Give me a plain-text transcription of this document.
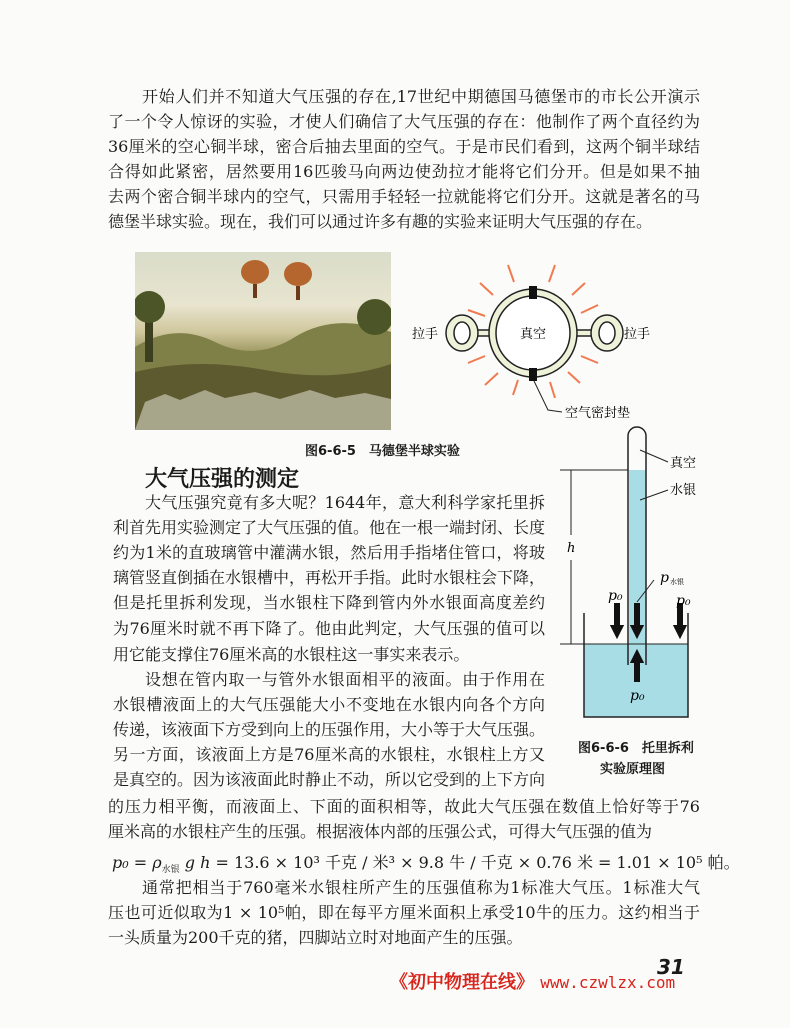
开始人们并不知道大气压强的存在,17世纪中期德国马德堡市的市长公开演示
了一个令人惊讶的实验，才使人们确信了大气压强的存在：他制作了两个直径约为
36厘米的空心铜半球，密合后抽去里面的空气。于是市民们看到，这两个铜半球结
合得如此紧密，居然要用16匹骏马向两边使劲拉才能将它们分开。但是如果不抽
去两个密合铜半球内的空气，只需用手轻轻一拉就能将它们分开。这就是著名的马
德堡半球实验。现在，我们可以通过许多有趣的实验来证明大气压强的存在。
真空
拉手	拉手
空气密封垫
图6-6-5　马德堡半球实验
大气压强的测定
大气压强究竟有多大呢？1644年，意大利科学家托里拆
利首先用实验测定了大气压强的值。他在一根一端封闭、长度
约为1米的直玻璃管中灌满水银，然后用手指堵住管口，将玻
璃管竖直倒插在水银槽中，再松开手指。此时水银柱会下降，
但是托里拆利发现，当水银柱下降到管内外水银面高度差约
为76厘米时就不再下降了。他由此判定，大气压强的值可以
用它能支撑住76厘米高的水银柱这一事实来表示。
设想在管内取一与管外水银面相平的液面。由于作用在
水银槽液面上的大气压强能大小不变地在水银内向各个方向
传递，该液面下方受到向上的压强作用，大小等于大气压强。
另一方面，该液面上方是76厘米高的水银柱，水银柱上方又
是真空的。因为该液面此时静止不动，所以它受到的上下方向
的压力相平衡，而液面上、下面的面积相等，故此大气压强在数值上恰好等于76
厘米高的水银柱产生的压强。根据液体内部的压强公式，可得大气压强的值为
$p_0 = \rho_{水银}$ g h = 13.6 × 10³ 千克 / 米³ × 9.8 牛 / 千克 × 0.76 米 = 1.01 × 10⁵ 帕。
通常把相当于760毫米水银柱所产生的压强值称为1标准大气压。1标准大气
压也可近似取为1 × 10⁵帕，即在每平方厘米面积上承受10牛的压力。这约相当于
一头质量为200千克的猪，四脚站立时对地面产生的压强。
h
真空
水银
p₀	p₀
p₀
p 水银
图6-6-6　托里拆利
实验原理图
31
《初中物理在线》 www.czwlzx.com
